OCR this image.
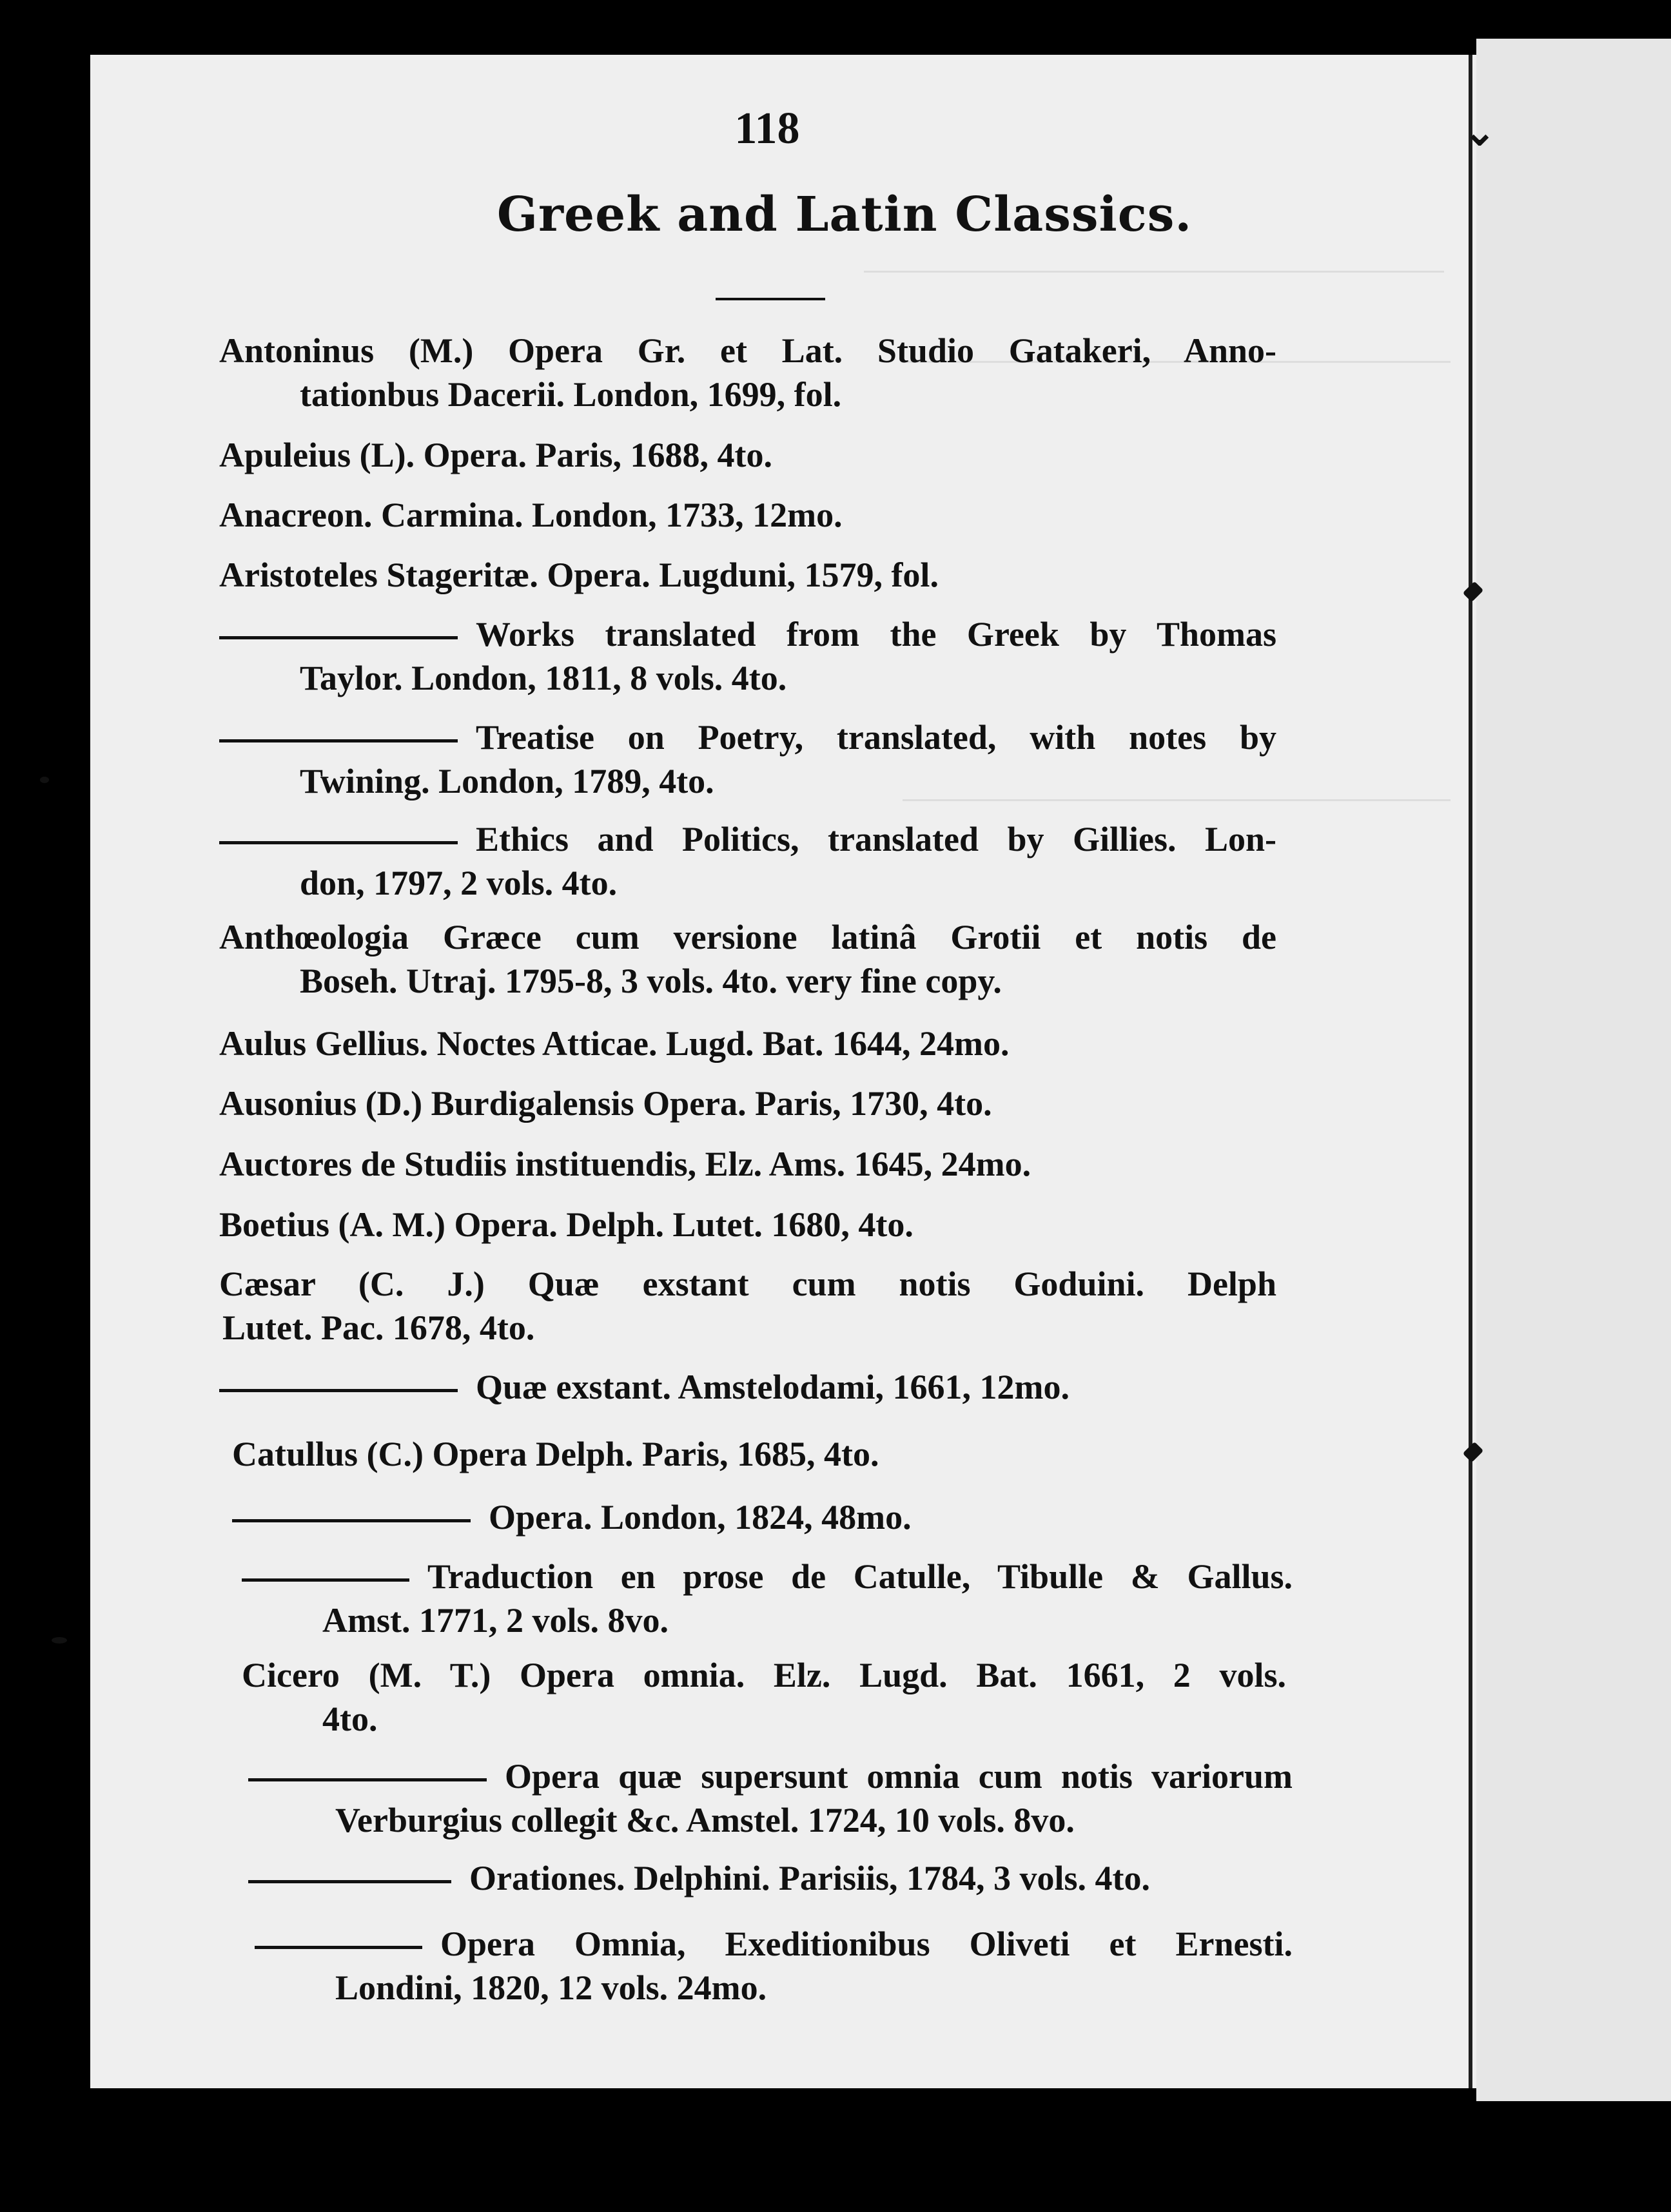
⌄
118
Greek and Latin Classics.
Antoninus (M.) Opera Gr. et Lat. Studio Gatakeri, Anno-
tationbus Dacerii. London, 1699, fol.
Apuleius (L). Opera. Paris, 1688, 4to.
Anacreon. Carmina. London, 1733, 12mo.
Aristoteles Stageritæ. Opera. Lugduni, 1579, fol.
Works translated from the Greek by Thomas
Taylor. London, 1811, 8 vols. 4to.
Treatise on Poetry, translated, with notes by
Twining. London, 1789, 4to.
Ethics and Politics, translated by Gillies. Lon-
don, 1797, 2 vols. 4to.
Anthœologia Græce cum versione latinâ Grotii et notis de
Boseh. Utraj. 1795-8, 3 vols. 4to. very fine copy.
Aulus Gellius. Noctes Atticae. Lugd. Bat. 1644, 24mo.
Ausonius (D.) Burdigalensis Opera. Paris, 1730, 4to.
Auctores de Studiis instituendis, Elz. Ams. 1645, 24mo.
Boetius (A. M.) Opera. Delph. Lutet. 1680, 4to.
Cæsar (C. J.) Quæ exstant cum notis Goduini. Delph
Lutet. Pac. 1678, 4to.
Quæ exstant. Amstelodami, 1661, 12mo.
Catullus (C.) Opera Delph. Paris, 1685, 4to.
Opera. London, 1824, 48mo.
Traduction en prose de Catulle, Tibulle & Gallus.
Amst. 1771, 2 vols. 8vo.
Cicero (M. T.) Opera omnia. Elz. Lugd. Bat. 1661, 2 vols.
4to.
Opera quæ supersunt omnia cum notis variorum
Verburgius collegit &c. Amstel. 1724, 10 vols. 8vo.
Orationes. Delphini. Parisiis, 1784, 3 vols. 4to.
Opera Omnia, Exeditionibus Oliveti et Ernesti.
Londini, 1820, 12 vols. 24mo.
